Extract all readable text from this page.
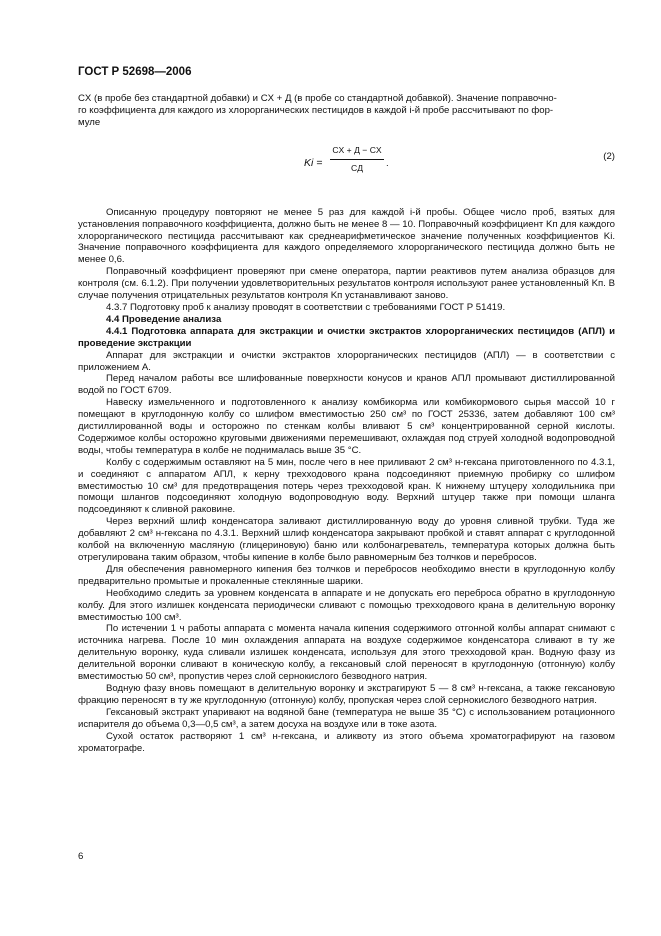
ГОСТ Р 52698—2006

CХ (в пробе без стандартной добавки) и CХ + Д (в пробе со стандартной добавкой). Значение поправочно-

го коэффициента для каждого из хлорорганических пестицидов в каждой i-й пробе рассчитывают по фор-

муле

Ki =
CХ + Д − CХ
CД	.
(2)

Описанную процедуру повторяют не менее 5 раз для каждой i-й пробы. Общее число проб, взятых для установления поправочного коэффициента, должно быть не менее 8 — 10. Поправочный коэффициент Kп для каждого хлорорганического пестицида рассчитывают как среднеарифметическое значение полученных коэффициентов Ki. Значение поправочного коэффициента для каждого определяемого хлорорганического пестицида должно быть не менее 0,6.

Поправочный коэффициент проверяют при смене оператора, партии реактивов путем анализа образцов для контроля (см. 6.1.2). При получении удовлетворительных результатов контроля используют ранее установленный Kп. В случае получения отрицательных результатов контроля Kп устанавливают заново.

4.3.7 Подготовку проб к анализу проводят в соответствии с требованиями ГОСТ Р 51419.

4.4 Проведение анализа

4.4.1 Подготовка аппарата для экстракции и очистки экстрактов хлорорганических пестицидов (АПЛ) и проведение экстракции

Аппарат для экстракции и очистки экстрактов хлорорганических пестицидов (АПЛ) — в соответствии с приложением А.

Перед началом работы все шлифованные поверхности конусов и кранов АПЛ промывают дистиллированной водой по ГОСТ 6709.

Навеску измельченного и подготовленного к анализу комбикорма или комбикормового сырья массой 10 г помещают в круглодонную колбу со шлифом вместимостью 250 см³ по ГОСТ 25336, затем добавляют 100 см³ дистиллированной воды и осторожно по стенкам колбы вливают 5 см³ концентрированной серной кислоты. Содержимое колбы осторожно круговыми движениями перемешивают, охлаждая под струей холодной водопроводной воды, чтобы температура в колбе не поднималась выше 35 °С.

Колбу с содержимым оставляют на 5 мин, после чего в нее приливают 2 см³ н-гексана приготовленного по 4.3.1, и соединяют с аппаратом АПЛ, к керну трехходового крана подсоединяют приемную пробирку со шлифом вместимостью 10 см³ для предотвращения потерь через трехходовой кран. К нижнему штуцеру холодильника при помощи шлангов подсоединяют холодную водопроводную воду. Верхний штуцер также при помощи шланга подсоединяют к сливной раковине.

Через верхний шлиф конденсатора заливают дистиллированную воду до уровня сливной трубки. Туда же добавляют 2 см³ н-гексана по 4.3.1. Верхний шлиф конденсатора закрывают пробкой и ставят аппарат с круглодонной колбой на включенную масляную (глицериновую) баню или колбонагреватель, температура которых должна быть отрегулирована таким образом, чтобы кипение в колбе было равномерным без толчков и перебросов.

Для обеспечения равномерного кипения без толчков и перебросов необходимо внести в круглодонную колбу предварительно промытые и прокаленные стеклянные шарики.

Необходимо следить за уровнем конденсата в аппарате и не допускать его переброса обратно в круглодонную колбу. Для этого излишек конденсата периодически сливают с помощью трехходового крана в делительную воронку вместимостью 100 см³.

По истечении 1 ч работы аппарата с момента начала кипения содержимого отгонной колбы аппарат снимают с источника нагрева. После 10 мин охлаждения аппарата на воздухе содержимое конденсатора сливают в ту же делительную воронку, куда сливали излишек конденсата, используя для этого трехходовой кран. Водную фазу из делительной воронки сливают в коническую колбу, а гексановый слой переносят в круглодонную (отгонную) колбу вместимостью 50 см³, пропустив через слой сернокислого безводного натрия.

Водную фазу вновь помещают в делительную воронку и экстрагируют 5 — 8 см³ н-гексана, а также гексановую фракцию переносят в ту же круглодонную (отгонную) колбу, пропуская через слой сернокислого безводного натрия.

Гексановый экстракт упаривают на водяной бане (температура не выше 35 °С) с использованием ротационного испарителя до объема 0,3—0,5 см³, а затем досуха на воздухе или в токе азота.

Сухой остаток растворяют 1 см³ н-гексана, и аликвоту из этого объема хроматографируют на газовом хроматографе.

6
